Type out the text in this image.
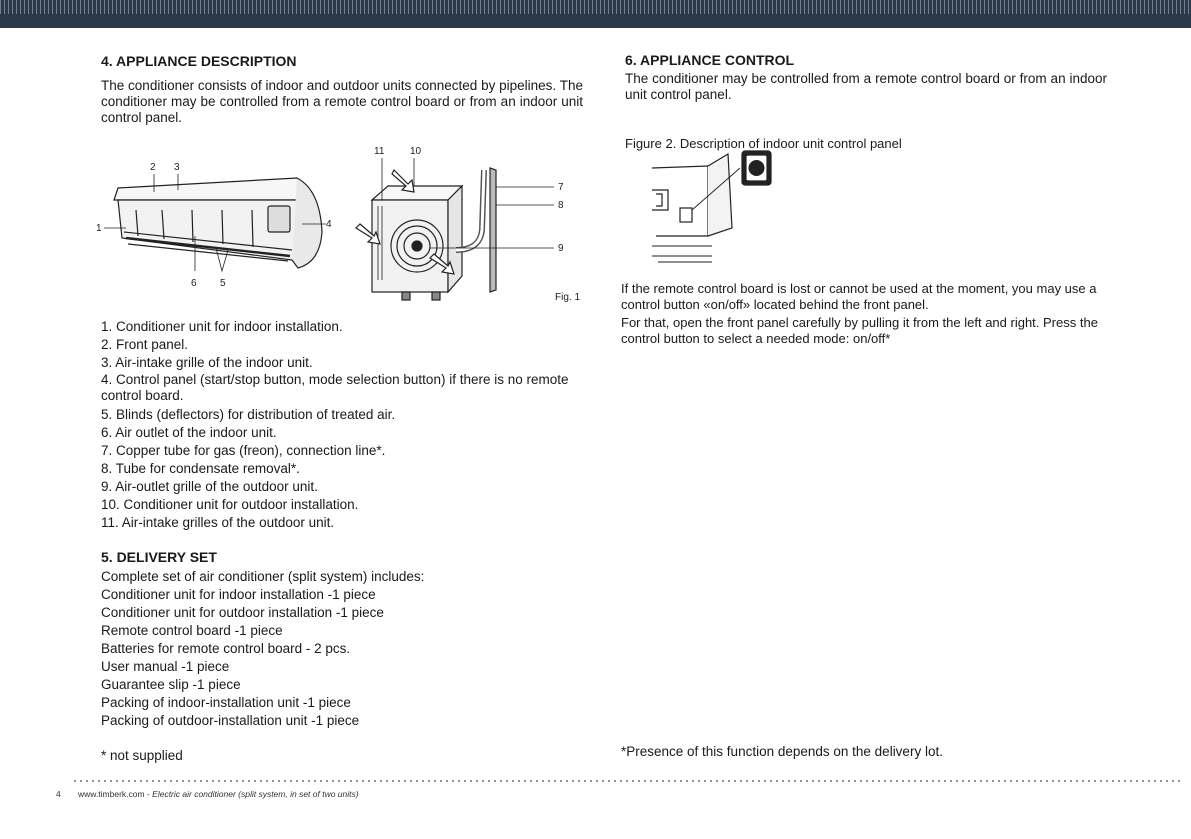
4. APPLIANCE DESCRIPTION

The conditioner consists of indoor and outdoor units connected by pipelines. The conditioner may be controlled from a remote control board or from an indoor unit control panel.

1
2 3
4
5
6
7
8
9
10
11
Fig. 1
1. Conditioner unit for indoor installation.
2. Front panel.
3. Air-intake grille of the indoor unit.
4. Control panel (start/stop button, mode selection button) if there is no remote control board.
5. Blinds (deflectors) for distribution of treated air.
6. Air outlet of the indoor unit.
7. Copper tube for gas (freon), connection line*.
8. Tube for condensate removal*.
9. Air-outlet grille of the outdoor unit.
10. Conditioner unit for outdoor installation.
11. Air-intake grilles of the outdoor unit.
5. DELIVERY SET
Complete set of air conditioner (split system) includes:
Conditioner unit for indoor installation -1 piece
Conditioner unit for outdoor installation -1 piece
Remote control board -1 piece
Batteries for remote control board - 2 pcs.
User manual -1 piece
Guarantee slip -1 piece
Packing of indoor-installation unit -1 piece
Packing of outdoor-installation unit -1 piece

* not supplied

6. APPLIANCE CONTROL

The conditioner may be controlled from a remote control board or from an indoor unit control panel.

Figure 2. Description of indoor unit control panel

If the remote control board is lost or cannot be used at the moment, you may use a control button «on/off» located behind the front panel.

For that, open the front panel carefully by pulling it from the left and right. Press the control button to select a needed mode: on/off*

*Presence of this function depends on the delivery lot.

4 www.timberk.com - Electric air conditioner (split system, in set of two units)
